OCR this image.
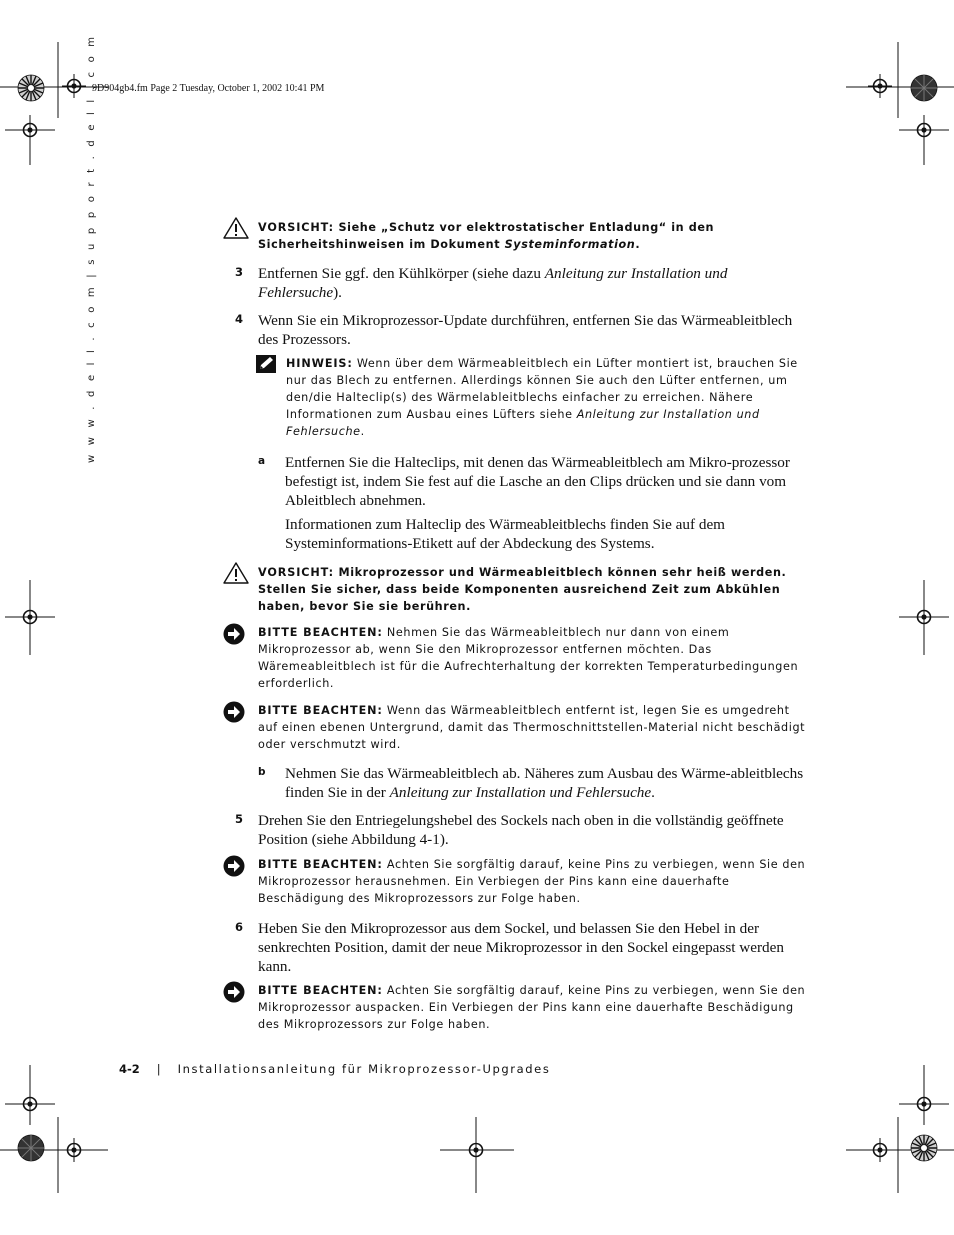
9D904gb4.fm Page 2 Tuesday, October 1, 2002 10:41 PM
w w w . d e l l . c o m | s u p p o r t . d e l l . c o m	VORSICHT: Siehe „Schutz vor elektrostatischer Entladung“ in den Sicherheitshinweisen im Dokument Systeminformation.
3 Entfernen Sie ggf. den Kühlkörper (siehe dazu Anleitung zur Installation und Fehlersuche).
4 Wenn Sie ein Mikroprozessor-Update durchführen, entfernen Sie das Wärmeableitblech des Prozessors.
HINWEIS: Wenn über dem Wärmeableitblech ein Lüfter montiert ist, brauchen Sie nur das Blech zu entfernen. Allerdings können Sie auch den Lüfter entfernen, um den/die Halteclip(s) des Wärmelableitblechs einfacher zu erreichen. Nähere Informationen zum Ausbau eines Lüfters siehe Anleitung zur Installation und Fehlersuche.
a Entfernen Sie die Halteclips, mit denen das Wärmeableitblech am Mikro-prozessor befestigt ist, indem Sie fest auf die Lasche an den Clips drücken und sie dann vom Ableitblech abnehmen.
Informationen zum Halteclip des Wärmeableitblechs finden Sie auf dem Systeminformations-Etikett auf der Abdeckung des Systems.
VORSICHT: Mikroprozessor und Wärmeableitblech können sehr heiß werden. Stellen Sie sicher, dass beide Komponenten ausreichend Zeit zum Abkühlen haben, bevor Sie sie berühren.
BITTE BEACHTEN: Nehmen Sie das Wärmeableitblech nur dann von einem Mikroprozessor ab, wenn Sie den Mikroprozessor entfernen möchten. Das Wäremeableitblech ist für die Aufrechterhaltung der korrekten Temperaturbedingungen erforderlich.
BITTE BEACHTEN: Wenn das Wärmeableitblech entfernt ist, legen Sie es umgedreht auf einen ebenen Untergrund, damit das Thermoschnittstellen-Material nicht beschädigt oder verschmutzt wird.
b Nehmen Sie das Wärmeableitblech ab. Näheres zum Ausbau des Wärme-ableitblechs finden Sie in der Anleitung zur Installation und Fehlersuche.
5 Drehen Sie den Entriegelungshebel des Sockels nach oben in die vollständig geöffnete Position (siehe Abbildung 4-1).
BITTE BEACHTEN: Achten Sie sorgfältig darauf, keine Pins zu verbiegen, wenn Sie den Mikroprozessor herausnehmen. Ein Verbiegen der Pins kann eine dauerhafte Beschädigung des Mikroprozessors zur Folge haben.
6 Heben Sie den Mikroprozessor aus dem Sockel, und belassen Sie den Hebel in der senkrechten Position, damit der neue Mikroprozessor in den Sockel eingepasst werden kann.
BITTE BEACHTEN: Achten Sie sorgfältig darauf, keine Pins zu verbiegen, wenn Sie den Mikroprozessor auspacken. Ein Verbiegen der Pins kann eine dauerhafte Beschädigung des Mikroprozessors zur Folge haben.
4-2 | Installationsanleitung für Mikroprozessor-Upgrades
